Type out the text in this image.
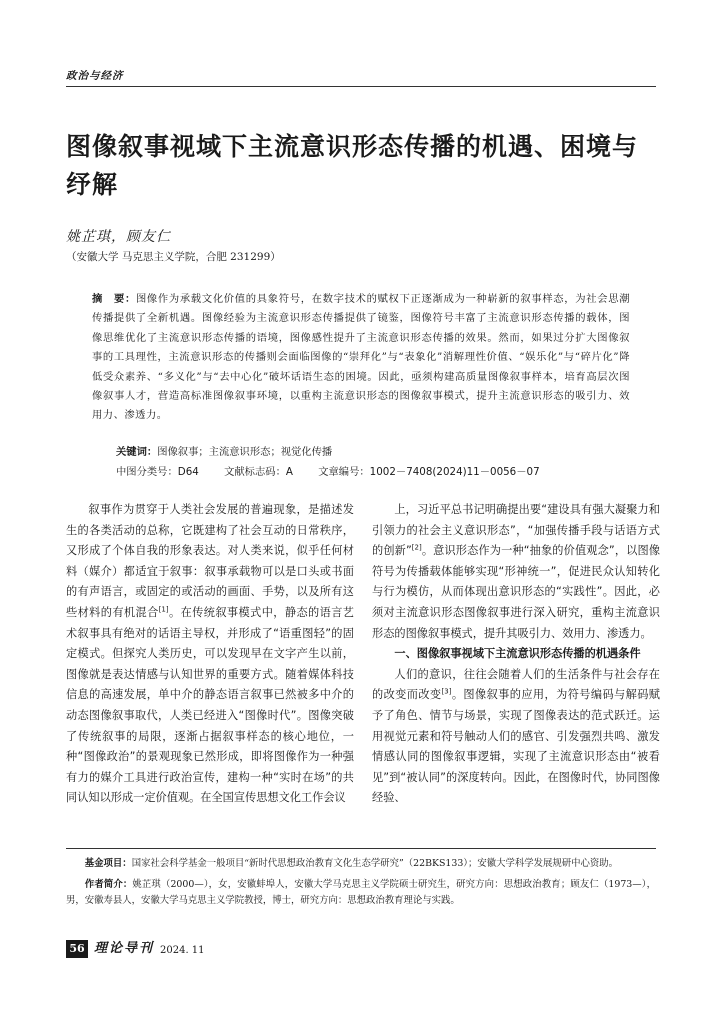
政治与经济
图像叙事视域下主流意识形态传播的机遇、困境与纾解
姚芷琪，顾友仁
（安徽大学 马克思主义学院，合肥 231299）
摘　要：图像作为承载文化价值的具象符号，在数字技术的赋权下正逐渐成为一种崭新的叙事样态，为社会思潮传播提供了全新机遇。图像经验为主流意识形态传播提供了镜鉴，图像符号丰富了主流意识形态传播的载体，图像思维优化了主流意识形态传播的语境，图像感性提升了主流意识形态传播的效果。然而，如果过分扩大图像叙事的工具理性，主流意识形态的传播则会面临图像的“崇拜化”与“表象化”消解理性价值、“娱乐化”与“碎片化”降低受众素养、“多义化”与“去中心化”破坏话语生态的困境。因此，亟须构建高质量图像叙事样本，培育高层次图像叙事人才，营造高标准图像叙事环境，以重构主流意识形态的图像叙事模式，提升主流意识形态的吸引力、效用力、渗透力。
关键词：图像叙事；主流意识形态；视觉化传播
中图分类号：D64 文献标志码：A 文章编号：1002－7408(2024)11－0056－07

叙事作为贯穿于人类社会发展的普遍现象，是描述发生的各类活动的总称，它既建构了社会互动的日常秩序，又形成了个体自我的形象表达。对人类来说，似乎任何材料（媒介）都适宜于叙事：叙事承载物可以是口头或书面的有声语言，或固定的或活动的画面、手势，以及所有这些材料的有机混合[1]。在传统叙事模式中，静态的语言艺术叙事具有绝对的话语主导权，并形成了“语重图轻”的固定模式。但探究人类历史，可以发现早在文字产生以前，图像就是表达情感与认知世界的重要方式。随着媒体科技信息的高速发展，单中介的静态语言叙事已然被多中介的动态图像叙事取代，人类已经进入“图像时代”。图像突破了传统叙事的局限，逐渐占据叙事样态的核心地位，一种“图像政治”的景观现象已然形成，即将图像作为一种强有力的媒介工具进行政治宣传，建构一种“实时在场”的共同认知以形成一定价值观。在全国宣传思想文化工作会议

上，习近平总书记明确提出要“建设具有强大凝聚力和引领力的社会主义意识形态”，“加强传播手段与话语方式的创新”[2]。意识形态作为一种“抽象的价值观念”，以图像符号为传播载体能够实现“形神统一”，促进民众认知转化与行为模仿，从而体现出意识形态的“实践性”。因此，必须对主流意识形态图像叙事进行深入研究，重构主流意识形态的图像叙事模式，提升其吸引力、效用力、渗透力。

一、图像叙事视域下主流意识形态传播的机遇条件

人们的意识，往往会随着人们的生活条件与社会存在的改变而改变[3]。图像叙事的应用，为符号编码与解码赋予了角色、情节与场景，实现了图像表达的范式跃迁。运用视觉元素和符号触动人们的感官、引发强烈共鸣、激发情感认同的图像叙事逻辑，实现了主流意识形态由“被看见”到“被认同”的深度转向。因此，在图像时代，协同图像经验、

基金项目：国家社会科学基金一般项目“新时代思想政治教育文化生态学研究”（22BKS133）；安徽大学科学发展规研中心资助。

作者简介：姚芷琪（2000—），女，安徽蚌埠人，安徽大学马克思主义学院硕士研究生，研究方向：思想政治教育；顾友仁（1973—），男，安徽寿县人，安徽大学马克思主义学院教授，博士，研究方向：思想政治教育理论与实践。

56 理论导刊 2024. 11
